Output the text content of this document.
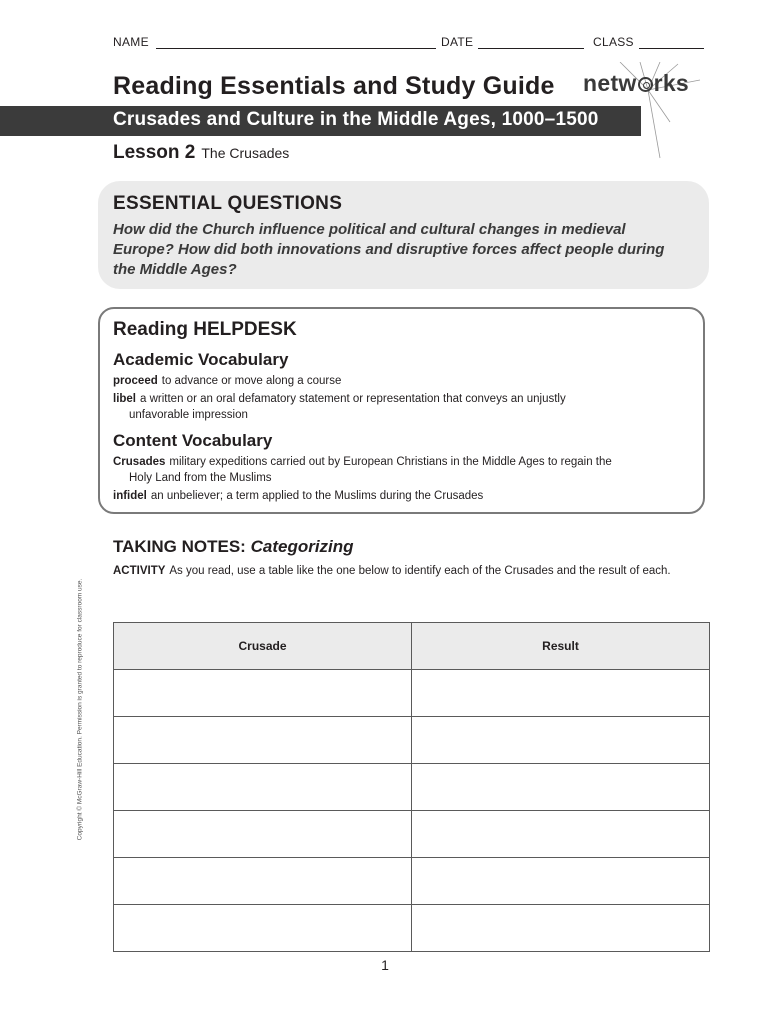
NAME	DATE	CLASS
Reading Essentials and Study Guide netw rks
Crusades and Culture in the Middle Ages, 1000–1500
Lesson 2 The Crusades
ESSENTIAL QUESTIONS
How did the Church influence political and cultural changes in medieval Europe? How did both innovations and disruptive forces affect people during the Middle Ages?
Reading HELPDESK
Academic Vocabulary
proceed to advance or move along a course
libel a written or an oral defamatory statement or representation that conveys an unjustly
unfavorable impression
Content Vocabulary
Crusades military expeditions carried out by European Christians in the Middle Ages to regain the
Holy Land from the Muslims
infidel an unbeliever; a term applied to the Muslims during the Crusades
TAKING NOTES: Categorizing
ACTIVITY As you read, use a table like the one below to identify each of the Crusades and the result of each.
Crusade	Result
1
Copyright © McGraw-Hill Education. Permission is granted to reproduce for classroom use.
